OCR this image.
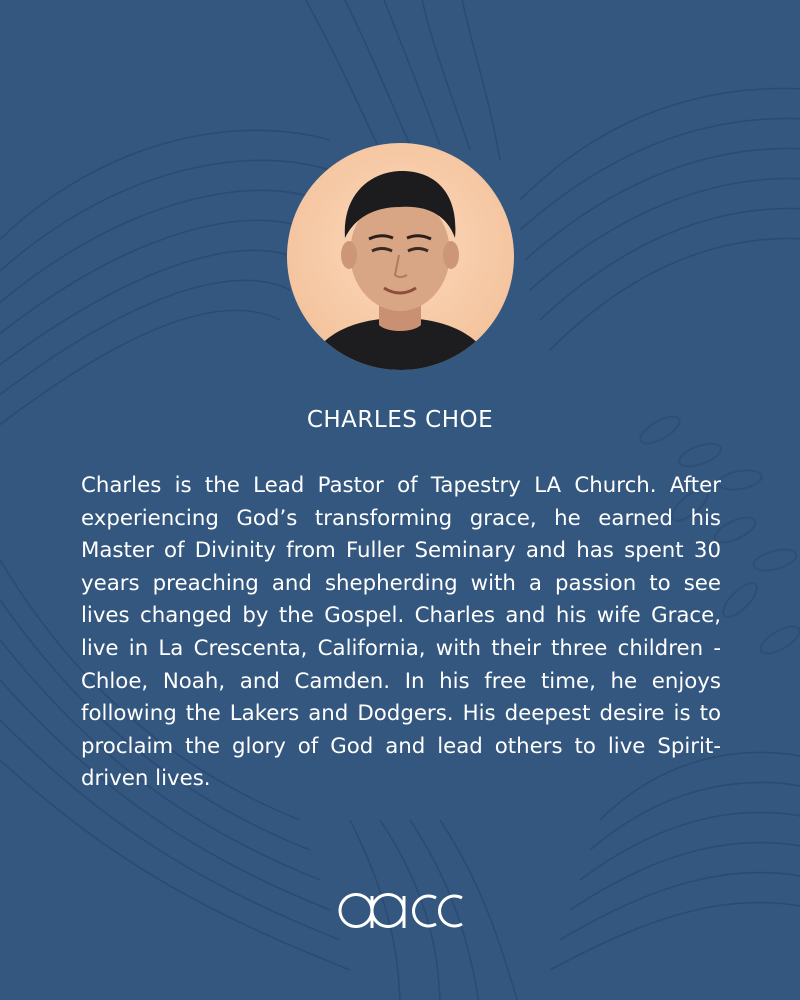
CHARLES CHOE
Charles is the Lead Pastor of Tapestry LA Church. After experiencing God’s transforming grace, he earned his Master of Divinity from Fuller Seminary and has spent 30 years preaching and shepherding with a passion to see lives changed by the Gospel. Charles and his wife Grace, live in La Crescenta, California, with their three children - Chloe, Noah, and Camden. In his free time, he enjoys following the Lakers and Dodgers. His deepest desire is to proclaim the glory of God and lead others to live Spirit-driven lives.
